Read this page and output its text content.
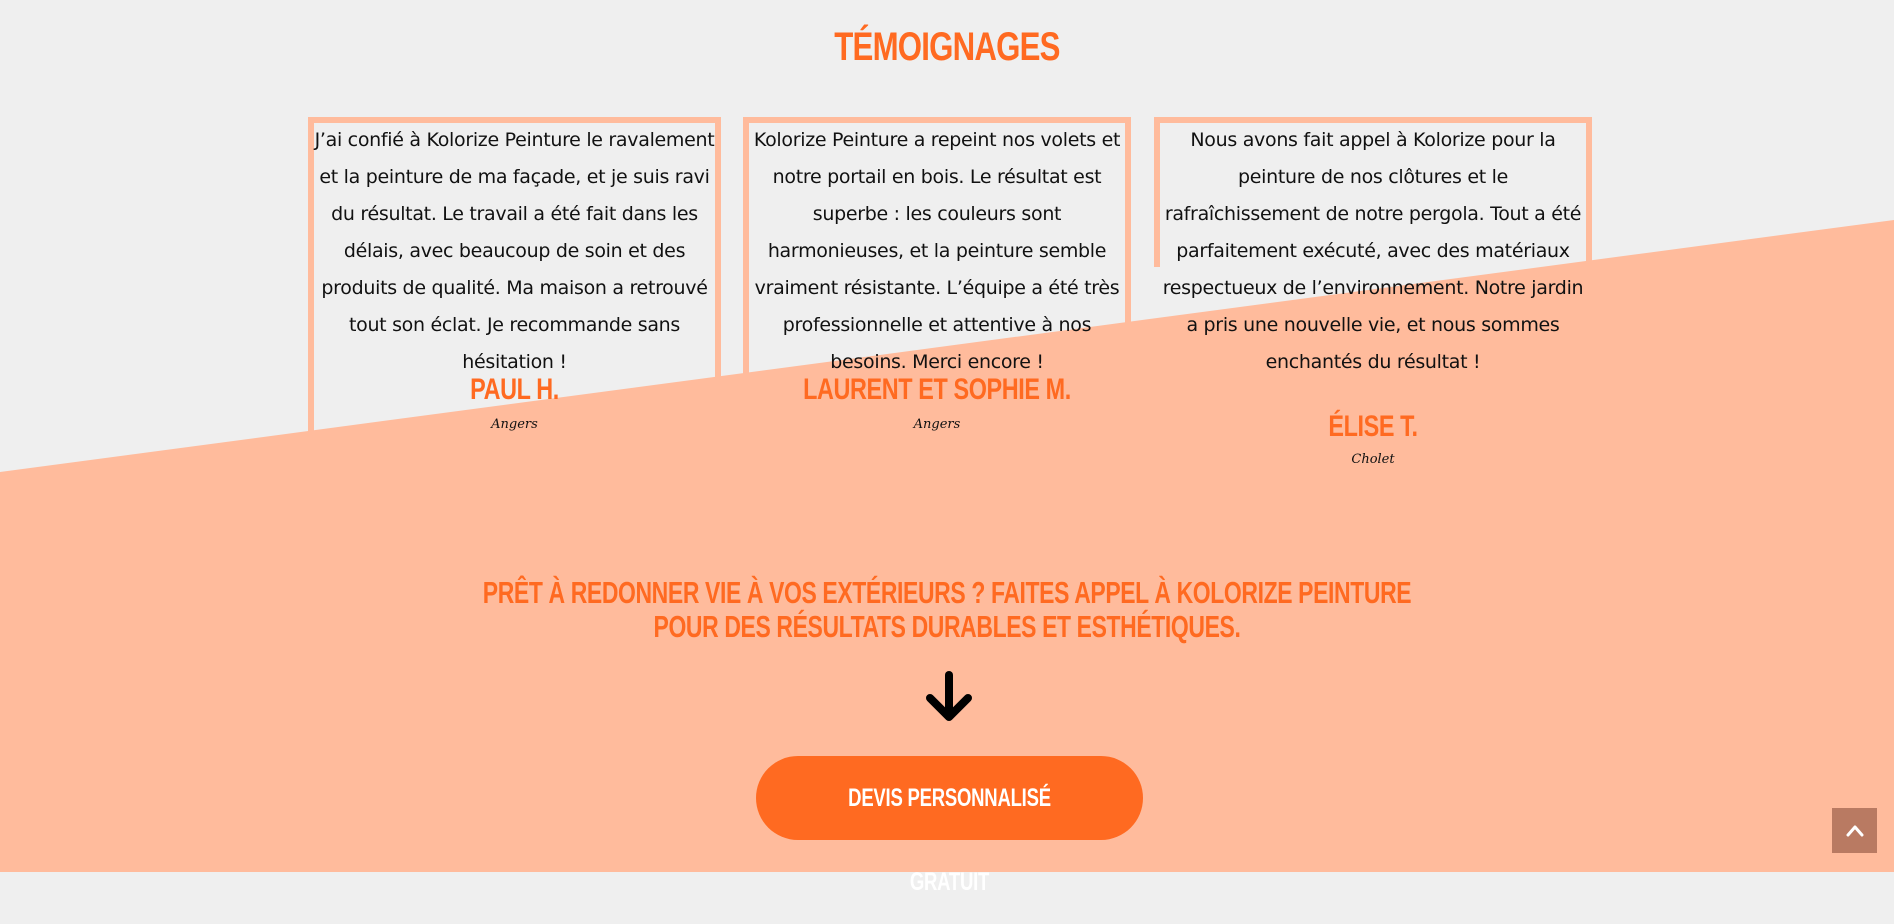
TÉMOIGNAGES

J’ai confié à Kolorize Peinture le ravalement et la peinture de ma façade, et je suis ravi du résultat. Le travail a été fait dans les délais, avec beaucoup de soin et des produits de qualité. Ma maison a retrouvé tout son éclat. Je recommande sans hésitation !

Kolorize Peinture a repeint nos volets et notre portail en bois. Le résultat est superbe : les couleurs sont harmonieuses, et la peinture semble vraiment résistante. L’équipe a été très professionnelle et attentive à nos besoins. Merci encore !

Nous avons fait appel à Kolorize pour la peinture de nos clôtures et le rafraîchissement de notre pergola. Tout a été parfaitement exécuté, avec des matériaux respectueux de l’environnement. Notre jardin a pris une nouvelle vie, et nous sommes enchantés du résultat !

PAUL H.	LAURENT ET SOPHIE M.
ÉLISE T.
Angers	Angers
Cholet
PRÊT À REDONNER VIE À VOS EXTÉRIEURS ? FAITES APPEL À KOLORIZE PEINTURE
POUR DES RÉSULTATS DURABLES ET ESTHÉTIQUES.
DEVIS PERSONNALISÉ GRATUIT
